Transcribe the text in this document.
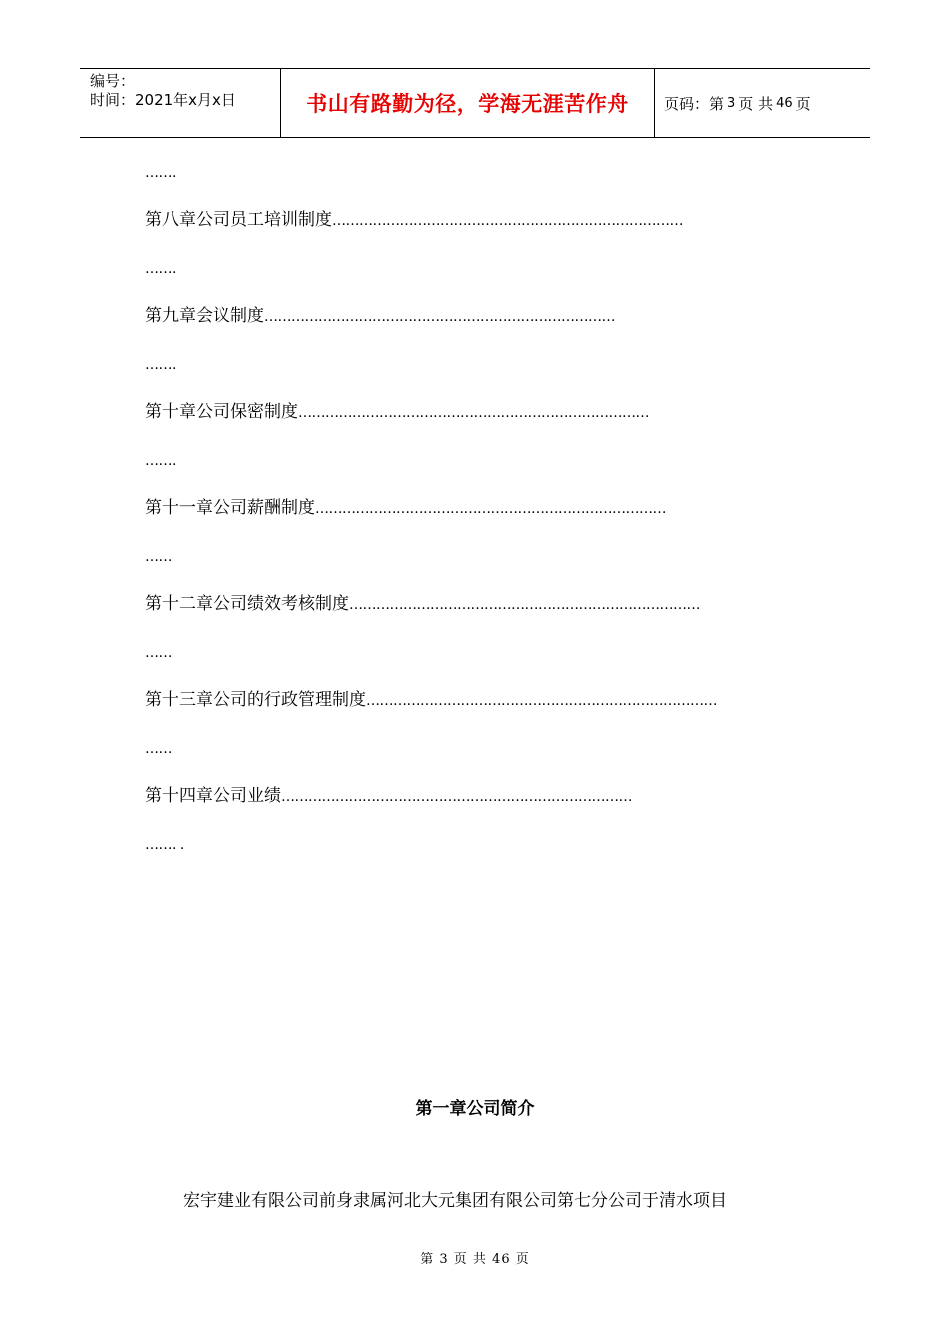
编号：
时间：2021年x月x日	书山有路勤为径，学海无涯苦作舟	页码：第 3 页 共 46 页
…….
第八章公司员工培训制度……………………………………………………………………
…….
第九章会议制度……………………………………………………………………
…….
第十章公司保密制度……………………………………………………………………
…….
第十一章公司薪酬制度……………………………………………………………………
……
第十二章公司绩效考核制度……………………………………………………………………
……
第十三章公司的行政管理制度……………………………………………………………………
……
第十四章公司业绩……………………………………………………………………
……. .
第一章公司简介
宏宇建业有限公司前身隶属河北大元集团有限公司第七分公司于清水项目
第 3 页 共 46 页
